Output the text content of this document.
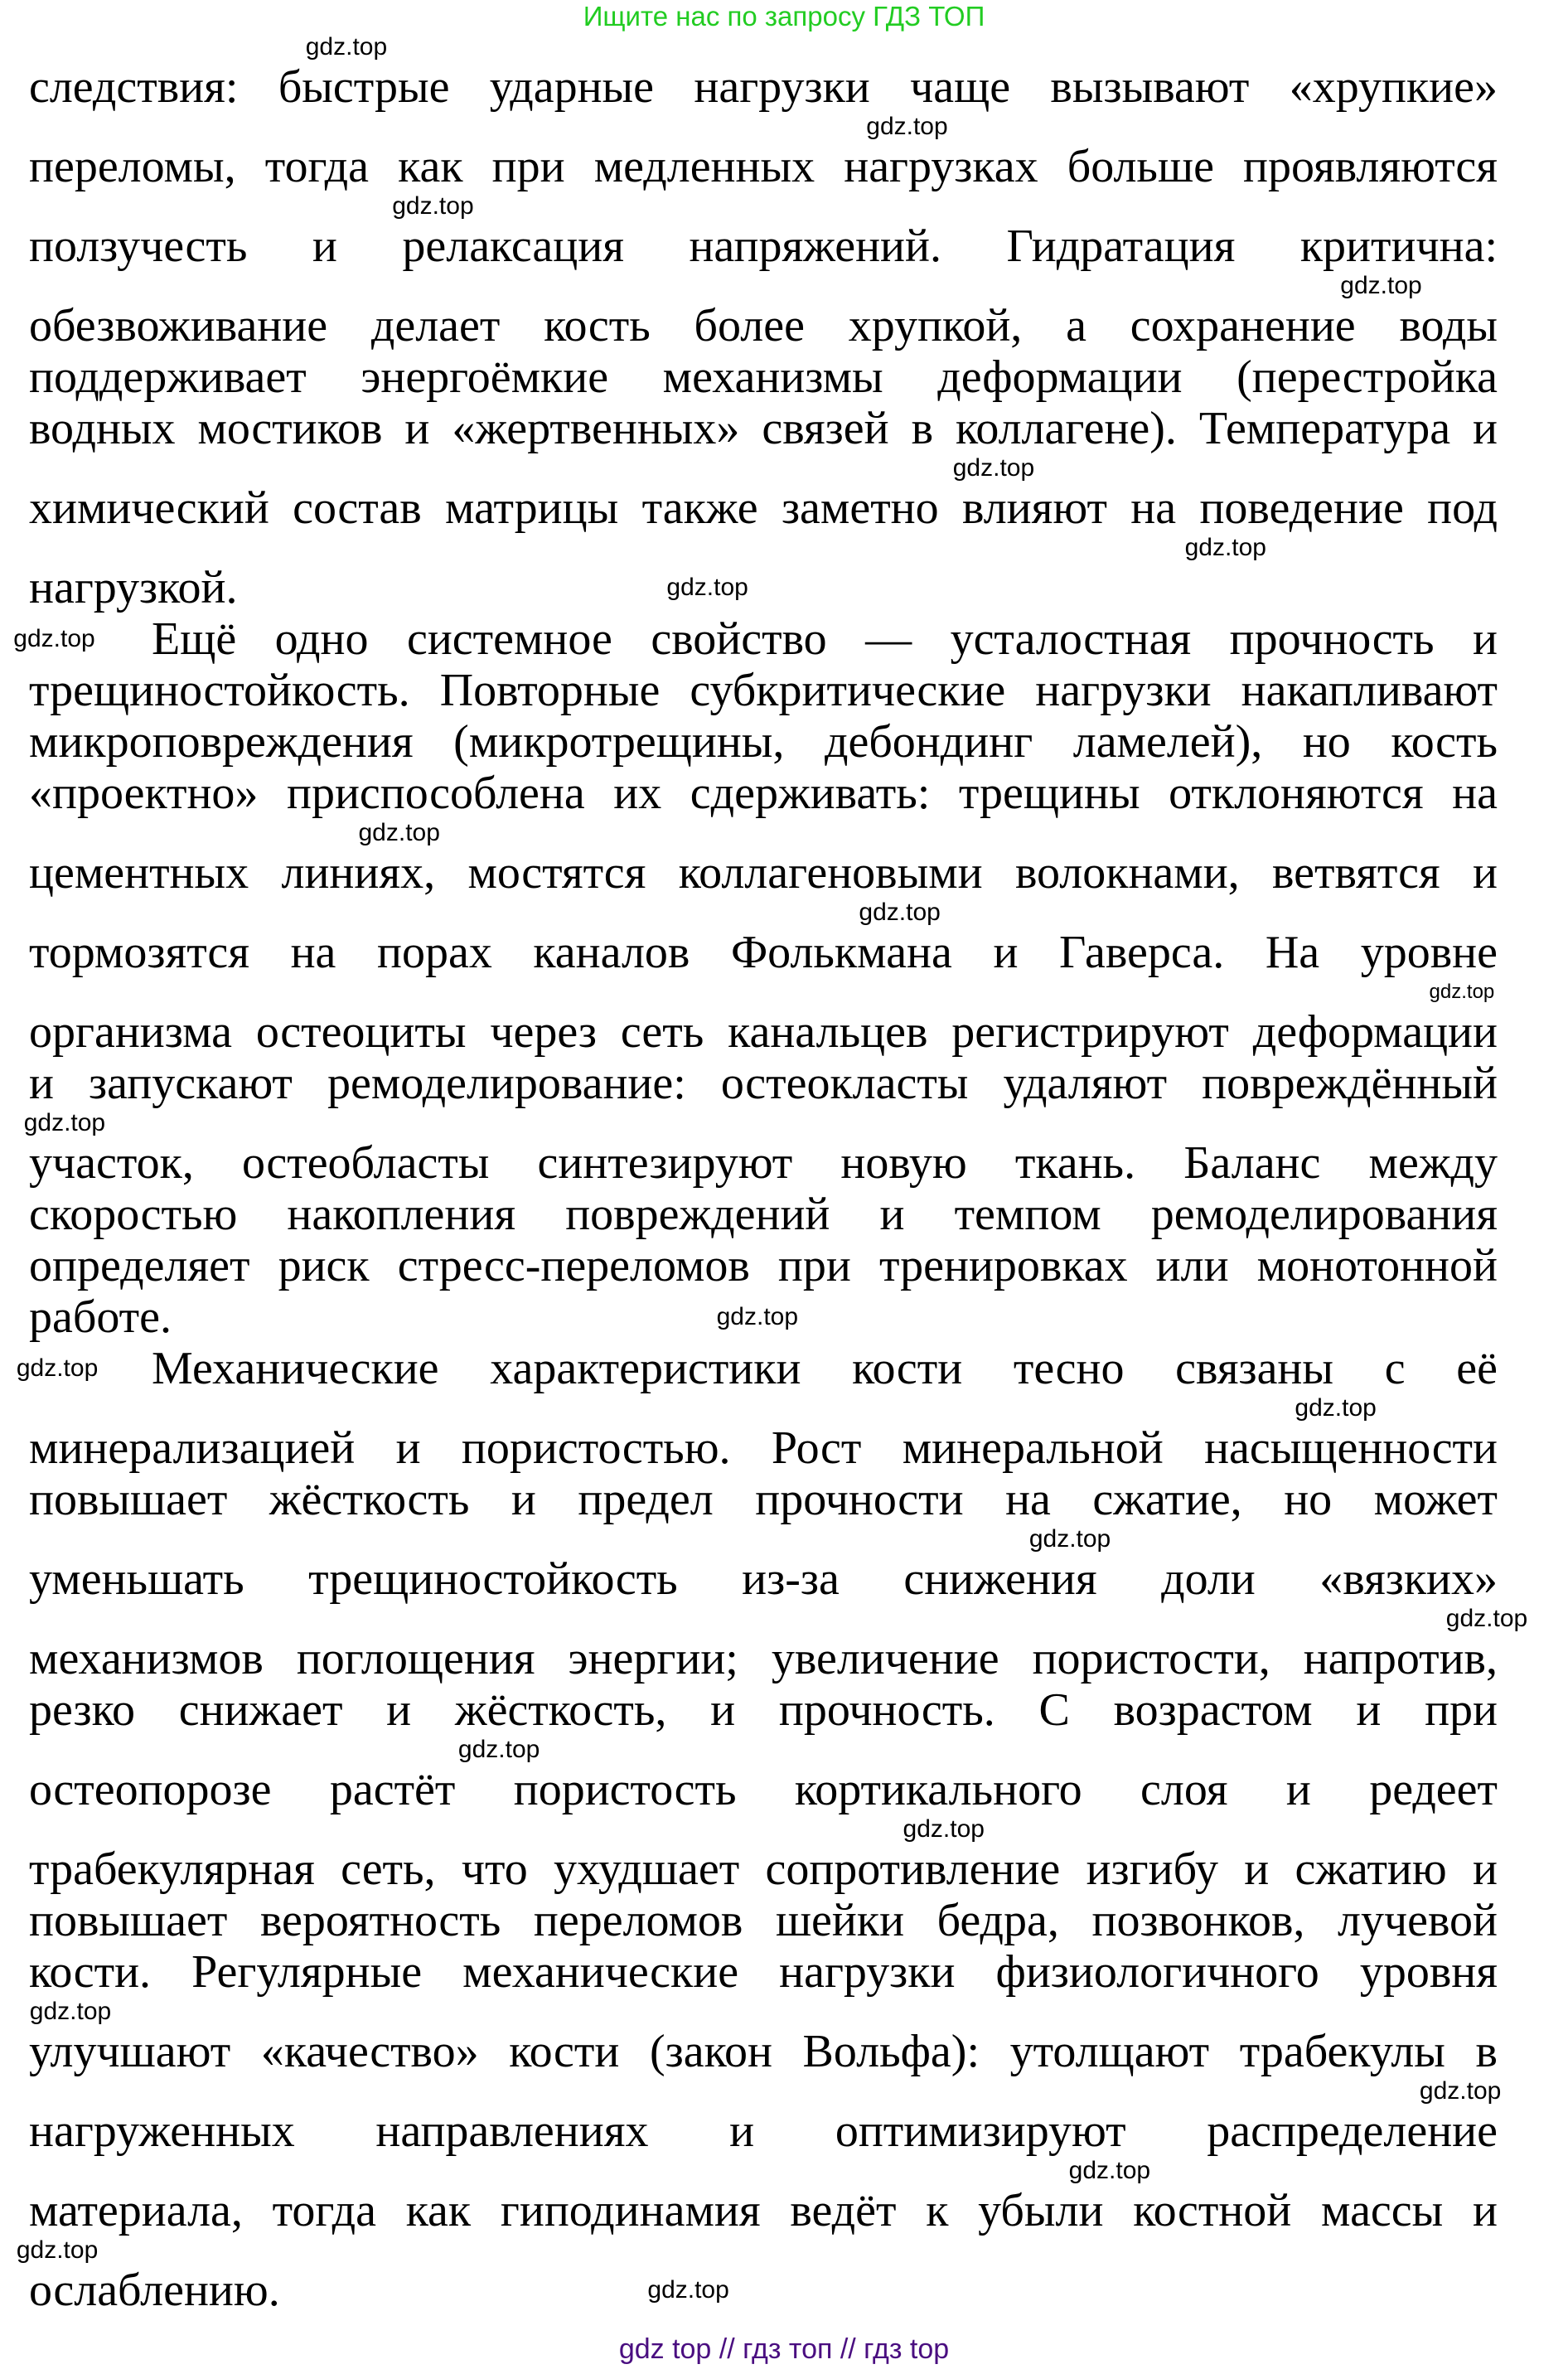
Ищите нас по запросу ГДЗ ТОП
gdz.top
следствия: быстрые ударные нагрузки чаще вызывают «хрупкие»
gdz.top
переломы, тогда как при медленных нагрузках больше проявляются
gdz.top
ползучесть и релаксация напряжений. Гидратация критична:
gdz.top
обезвоживание делает кость более хрупкой, а сохранение воды
поддерживает энергоёмкие механизмы деформации (перестройка
водных мостиков и «жертвенных» связей в коллагене). Температура и
gdz.top
химический состав матрицы также заметно влияют на поведение под
gdz.top
нагрузкой.	gdz.top
Ещё одно системное свойство — усталостная прочность и
gdz.top
трещиностойкость. Повторные субкритические нагрузки накапливают
микроповреждения (микротрещины, дебондинг ламелей), но кость
«проектно» приспособлена их сдерживать: трещины отклоняются на
gdz.top
цементных линиях, мостятся коллагеновыми волокнами, ветвятся и
gdz.top
тормозятся на порах каналов Фолькмана и Гаверса. На уровне
gdz.top
организма остеоциты через сеть канальцев регистрируют деформации
и запускают ремоделирование: остеокласты удаляют повреждённый
gdz.top
участок, остеобласты синтезируют новую ткань. Баланс между
скоростью накопления повреждений и темпом ремоделирования
определяет риск стресс-переломов при тренировках или монотонной
работе.	gdz.top
Механические характеристики кости тесно связаны с её
gdz.top
gdz.top
минерализацией и пористостью. Рост минеральной насыщенности
повышает жёсткость и предел прочности на сжатие, но может
gdz.top
уменьшать трещиностойкость из-за снижения доли «вязких»
gdz.top
механизмов поглощения энергии; увеличение пористости, напротив,
резко снижает и жёсткость, и прочность. С возрастом и при
gdz.top
остеопорозе растёт пористость кортикального слоя и редеет
gdz.top
трабекулярная сеть, что ухудшает сопротивление изгибу и сжатию и
повышает вероятность переломов шейки бедра, позвонков, лучевой
кости. Регулярные механические нагрузки физиологичного уровня
gdz.top
улучшают «качество» кости (закон Вольфа): утолщают трабекулы в
gdz.top
нагруженных направлениях и оптимизируют распределение
gdz.top
материала, тогда как гиподинамия ведёт к убыли костной массы и
gdz.top
ослаблению.	gdz.top
gdz top // гдз топ // гдз top
